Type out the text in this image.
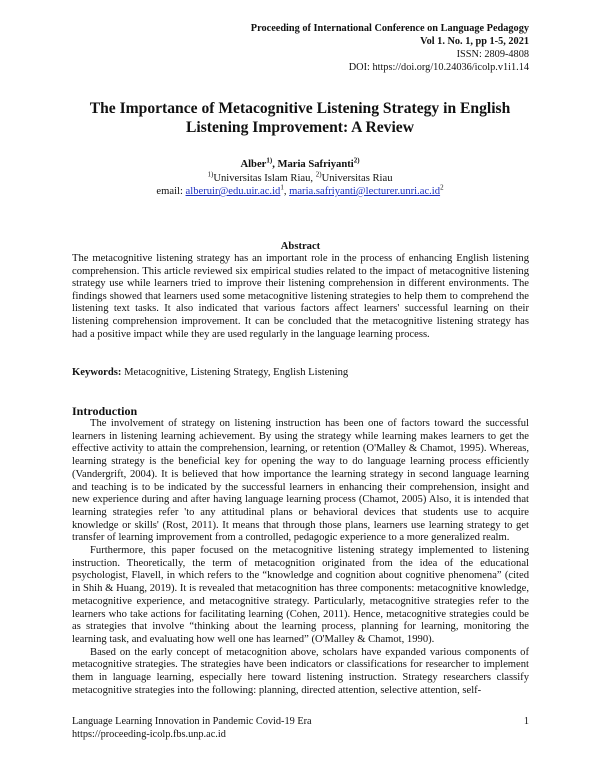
Proceeding of International Conference on Language Pedagogy
Vol 1. No. 1, pp 1-5, 2021
ISSN: 2809-4808
DOI: https://doi.org/10.24036/icolp.v1i1.14
The Importance of Metacognitive Listening Strategy in English
Listening Improvement: A Review
Alber$^{1)}$, Maria Safriyanti$^{2)}$
$^{1)}$Universitas Islam Riau, $^{2)}$Universitas Riau
email: $alberuir@edu.uir.ac.id^1$, $maria.safriyanti@lecturer.unri.ac.id^2$
Abstract

The metacognitive listening strategy has an important role in the process of enhancing English listening comprehension. This article reviewed six empirical studies related to the impact of metacognitive listening strategy use while learners tried to improve their listening comprehension in different environments. The findings showed that learners used some metacognitive listening strategies to help them to comprehend the listening text tasks. It also indicated that various factors affect learners' successful learning on their listening comprehension improvement. It can be concluded that the metacognitive listening strategy has had a positive impact while they are used regularly in the language learning process.

Keywords: Metacognitive, Listening Strategy, English Listening
Introduction

The involvement of strategy on listening instruction has been one of factors toward the successful learners in listening learning achievement. By using the strategy while learning makes learners to get the effective activity to attain the comprehension, learning, or retention (O'Malley & Chamot, 1995). Whereas, learning strategy is the beneficial key for opening the way to do language learning process efficiently (Vandergrift, 2004). It is believed that how importance the learning strategy in second language learning and teaching is to be indicated by the successful learners in enhancing their comprehension, insight and new experience during and after having language learning process (Chamot, 2005) Also, it is intended that learning strategies refer 'to any attitudinal plans or behavioral devices that students use to acquire knowledge or skills' (Rost, 2011). It means that through those plans, learners use learning strategy to get transfer of learning improvement from a controlled, pedagogic experience to a more generalized realm.

Furthermore, this paper focused on the metacognitive listening strategy implemented to listening instruction. Theoretically, the term of metacognition originated from the idea of the educational psychologist, Flavell, in which refers to the “knowledge and cognition about cognitive phenomena” (cited in Shih & Huang, 2019). It is revealed that metacognition has three components: metacognitive knowledge, metacognitive experience, and metacognitive strategy. Particularly, metacognitive strategies refer to the learners who take actions for facilitating learning (Cohen, 2011). Hence, metacognitive strategies could be as strategies that involve “thinking about the learning process, planning for learning, monitoring the learning task, and evaluating how well one has learned” (O'Malley & Chamot, 1990).

Based on the early concept of metacognition above, scholars have expanded various components of metacognitive strategies. The strategies have been indicators or classifications for researcher to implement them in language learning, especially here toward listening instruction. Strategy researchers classify metacognitive strategies into the following: planning, directed attention, selective attention, self-

Language Learning Innovation in Pandemic Covid-19 Era
https://proceeding-icolp.fbs.unp.ac.id
1
